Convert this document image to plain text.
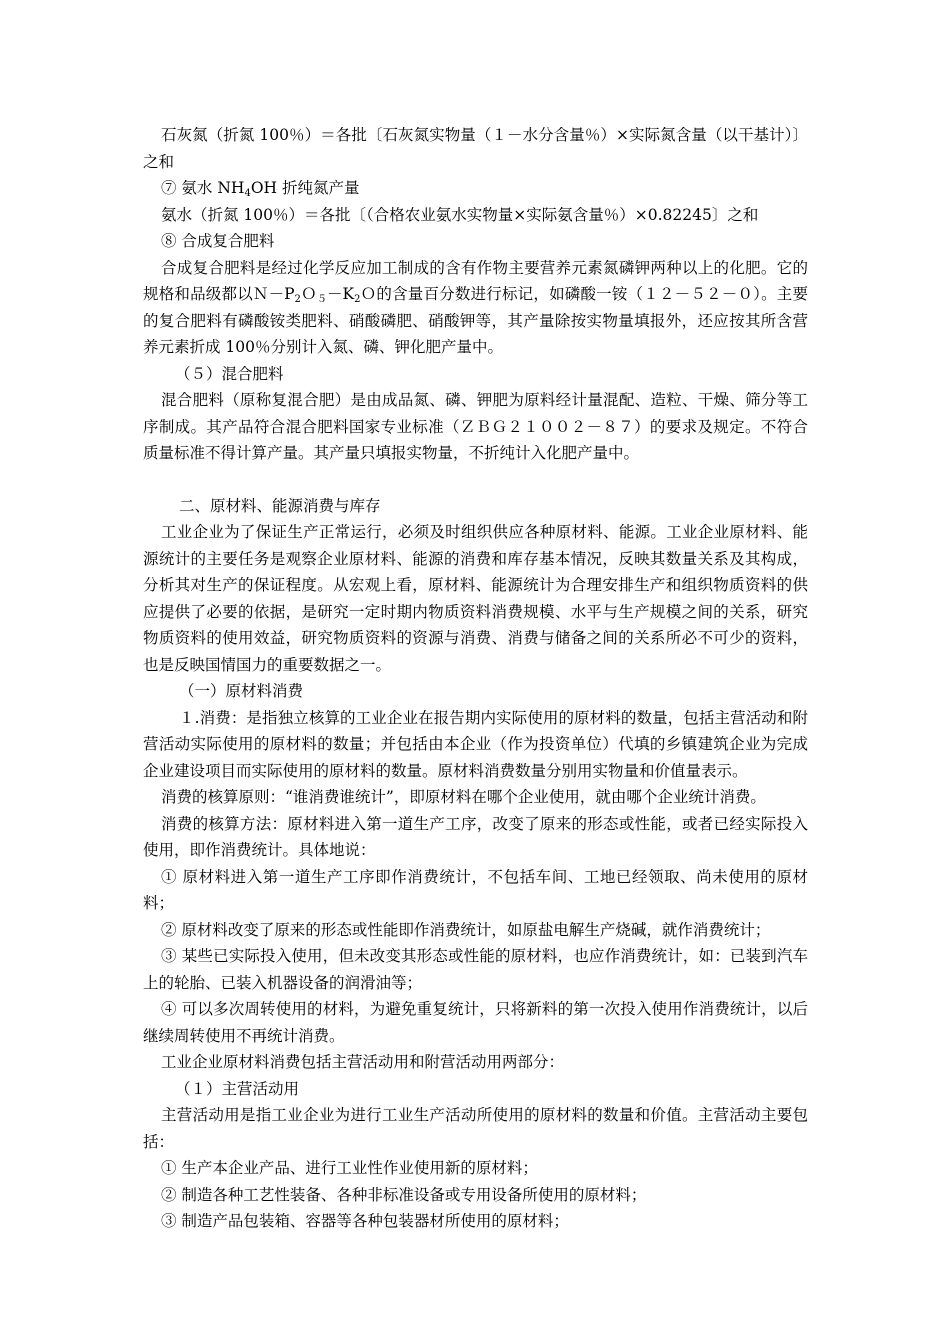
石灰氮（折氮 100％）＝各批〔石灰氮实物量（１－水分含量％）×实际氮含量（以干基计）〕之和

⑦ 氨水 $NH_4OH$ 折纯氮产量

氨水（折氮 100％）＝各批〔（合格农业氨水实物量×实际氨含量％）×0.82245〕之和

⑧ 合成复合肥料

合成复合肥料是经过化学反应加工制成的含有作物主要营养元素氮磷钾两种以上的化肥。它的规格和品级都以$N-P_2O_5-K_2O$的含量百分数进行标记，如磷酸一铵（１２－５２－０）。主要的复合肥料有磷酸铵类肥料、硝酸磷肥、硝酸钾等，其产量除按实物量填报外，还应按其所含营养元素折成 100％分别计入氮、磷、钾化肥产量中。

（５）混合肥料

混合肥料（原称复混合肥）是由成品氮、磷、钾肥为原料经计量混配、造粒、干燥、筛分等工序制成。其产品符合混合肥料国家专业标准（ＺＢＧ２１００２－８７）的要求及规定。不符合质量标准不得计算产量。其产量只填报实物量，不折纯计入化肥产量中。

二、原材料、能源消费与库存

工业企业为了保证生产正常运行，必须及时组织供应各种原材料、能源。工业企业原材料、能源统计的主要任务是观察企业原材料、能源的消费和库存基本情况，反映其数量关系及其构成，分析其对生产的保证程度。从宏观上看，原材料、能源统计为合理安排生产和组织物质资料的供应提供了必要的依据，是研究一定时期内物质资料消费规模、水平与生产规模之间的关系，研究物质资料的使用效益，研究物质资料的资源与消费、消费与储备之间的关系所必不可少的资料，也是反映国情国力的重要数据之一。

（一）原材料消费

１.消费：是指独立核算的工业企业在报告期内实际使用的原材料的数量，包括主营活动和附营活动实际使用的原材料的数量；并包括由本企业（作为投资单位）代填的乡镇建筑企业为完成企业建设项目而实际使用的原材料的数量。原材料消费数量分别用实物量和价值量表示。

消费的核算原则：“谁消费谁统计”，即原材料在哪个企业使用，就由哪个企业统计消费。

消费的核算方法：原材料进入第一道生产工序，改变了原来的形态或性能，或者已经实际投入使用，即作消费统计。具体地说：

① 原材料进入第一道生产工序即作消费统计，不包括车间、工地已经领取、尚未使用的原材料；

② 原材料改变了原来的形态或性能即作消费统计，如原盐电解生产烧碱，就作消费统计；

③ 某些已实际投入使用，但未改变其形态或性能的原材料，也应作消费统计，如：已装到汽车上的轮胎、已装入机器设备的润滑油等；

④ 可以多次周转使用的材料，为避免重复统计，只将新料的第一次投入使用作消费统计，以后继续周转使用不再统计消费。

工业企业原材料消费包括主营活动用和附营活动用两部分：

（１）主营活动用

主营活动用是指工业企业为进行工业生产活动所使用的原材料的数量和价值。主营活动主要包括：

① 生产本企业产品、进行工业性作业使用新的原材料；

② 制造各种工艺性装备、各种非标准设备或专用设备所使用的原材料；

③ 制造产品包装箱、容器等各种包装器材所使用的原材料；
